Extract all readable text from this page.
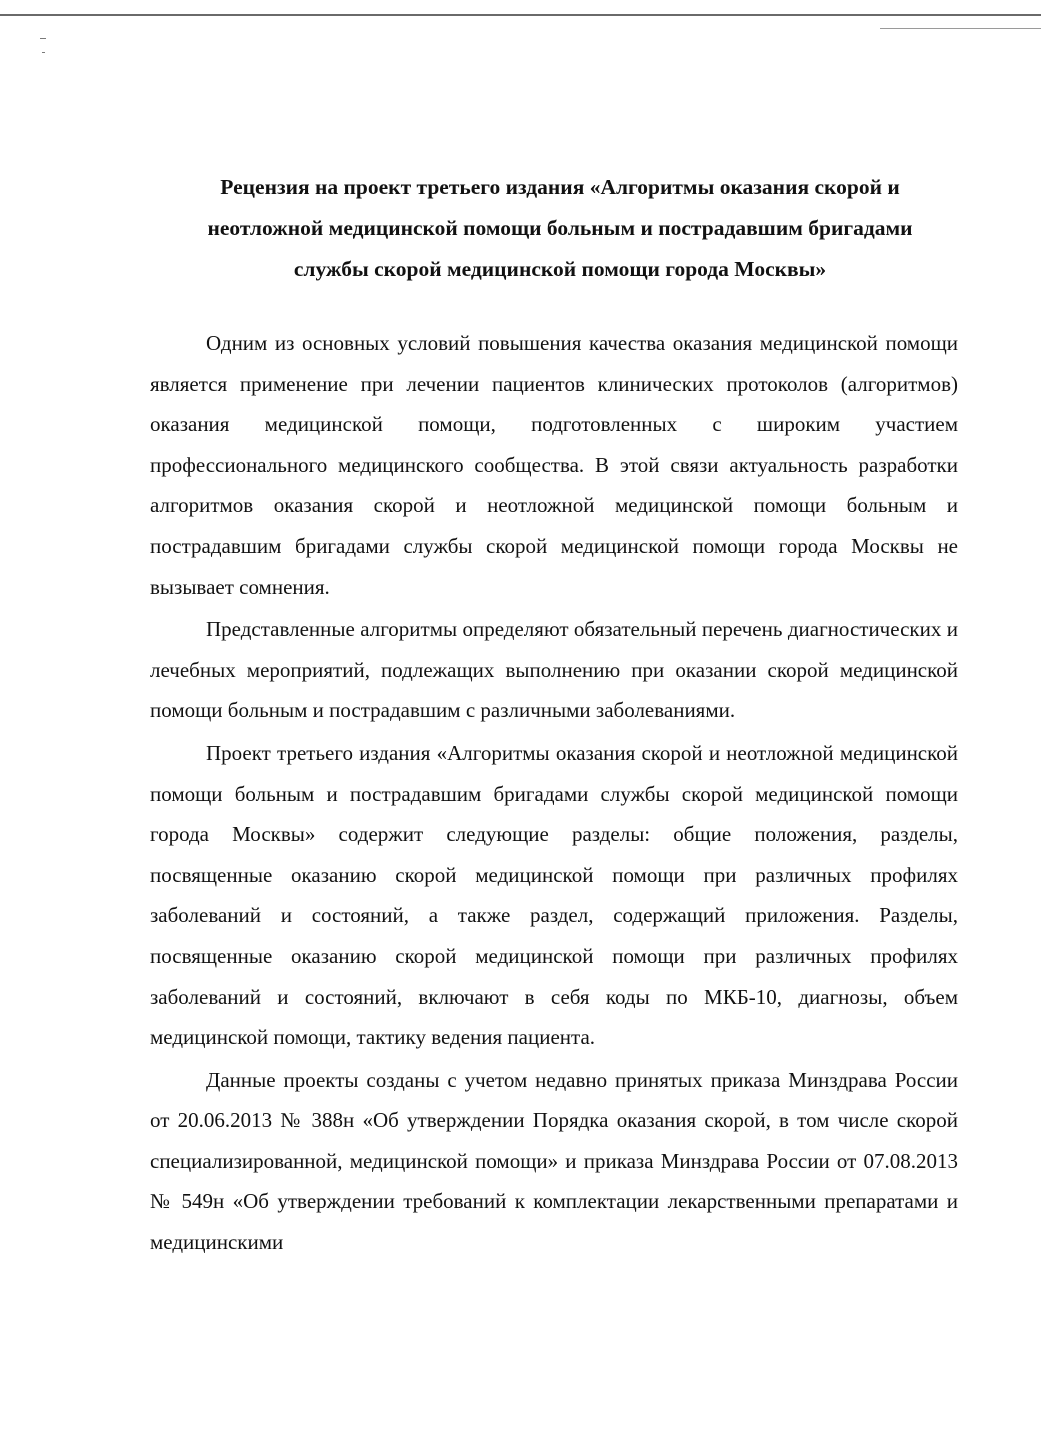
Рецензия на проект третьего издания «Алгоритмы оказания скорой и
неотложной медицинской помощи больным и пострадавшим бригадами
службы скорой медицинской помощи города Москвы»

Одним из основных условий повышения качества оказания медицинской помощи является применение при лечении пациентов клинических протоколов (алгоритмов) оказания медицинской помощи, подготовленных с широким участием профессионального медицинского сообщества. В этой связи актуальность разработки алгоритмов оказания скорой и неотложной медицинской помощи больным и пострадавшим бригадами службы скорой медицинской помощи города Москвы не вызывает сомнения.

Представленные алгоритмы определяют обязательный перечень диагностических и лечебных мероприятий, подлежащих выполнению при оказании скорой медицинской помощи больным и пострадавшим с различными заболеваниями.

Проект третьего издания «Алгоритмы оказания скорой и неотложной медицинской помощи больным и пострадавшим бригадами службы скорой медицинской помощи города Москвы» содержит следующие разделы: общие положения, разделы, посвященные оказанию скорой медицинской помощи при различных профилях заболеваний и состояний, а также раздел, содержащий приложения. Разделы, посвященные оказанию скорой медицинской помощи при различных профилях заболеваний и состояний, включают в себя коды по МКБ-10, диагнозы, объем медицинской помощи, тактику ведения пациента.

Данные проекты созданы с учетом недавно принятых приказа Минздрава России от 20.06.2013 № 388н «Об утверждении Порядка оказания скорой, в том числе скорой специализированной, медицинской помощи» и приказа Минздрава России от 07.08.2013 № 549н «Об утверждении требований к комплектации лекарственными препаратами и медицинскими
